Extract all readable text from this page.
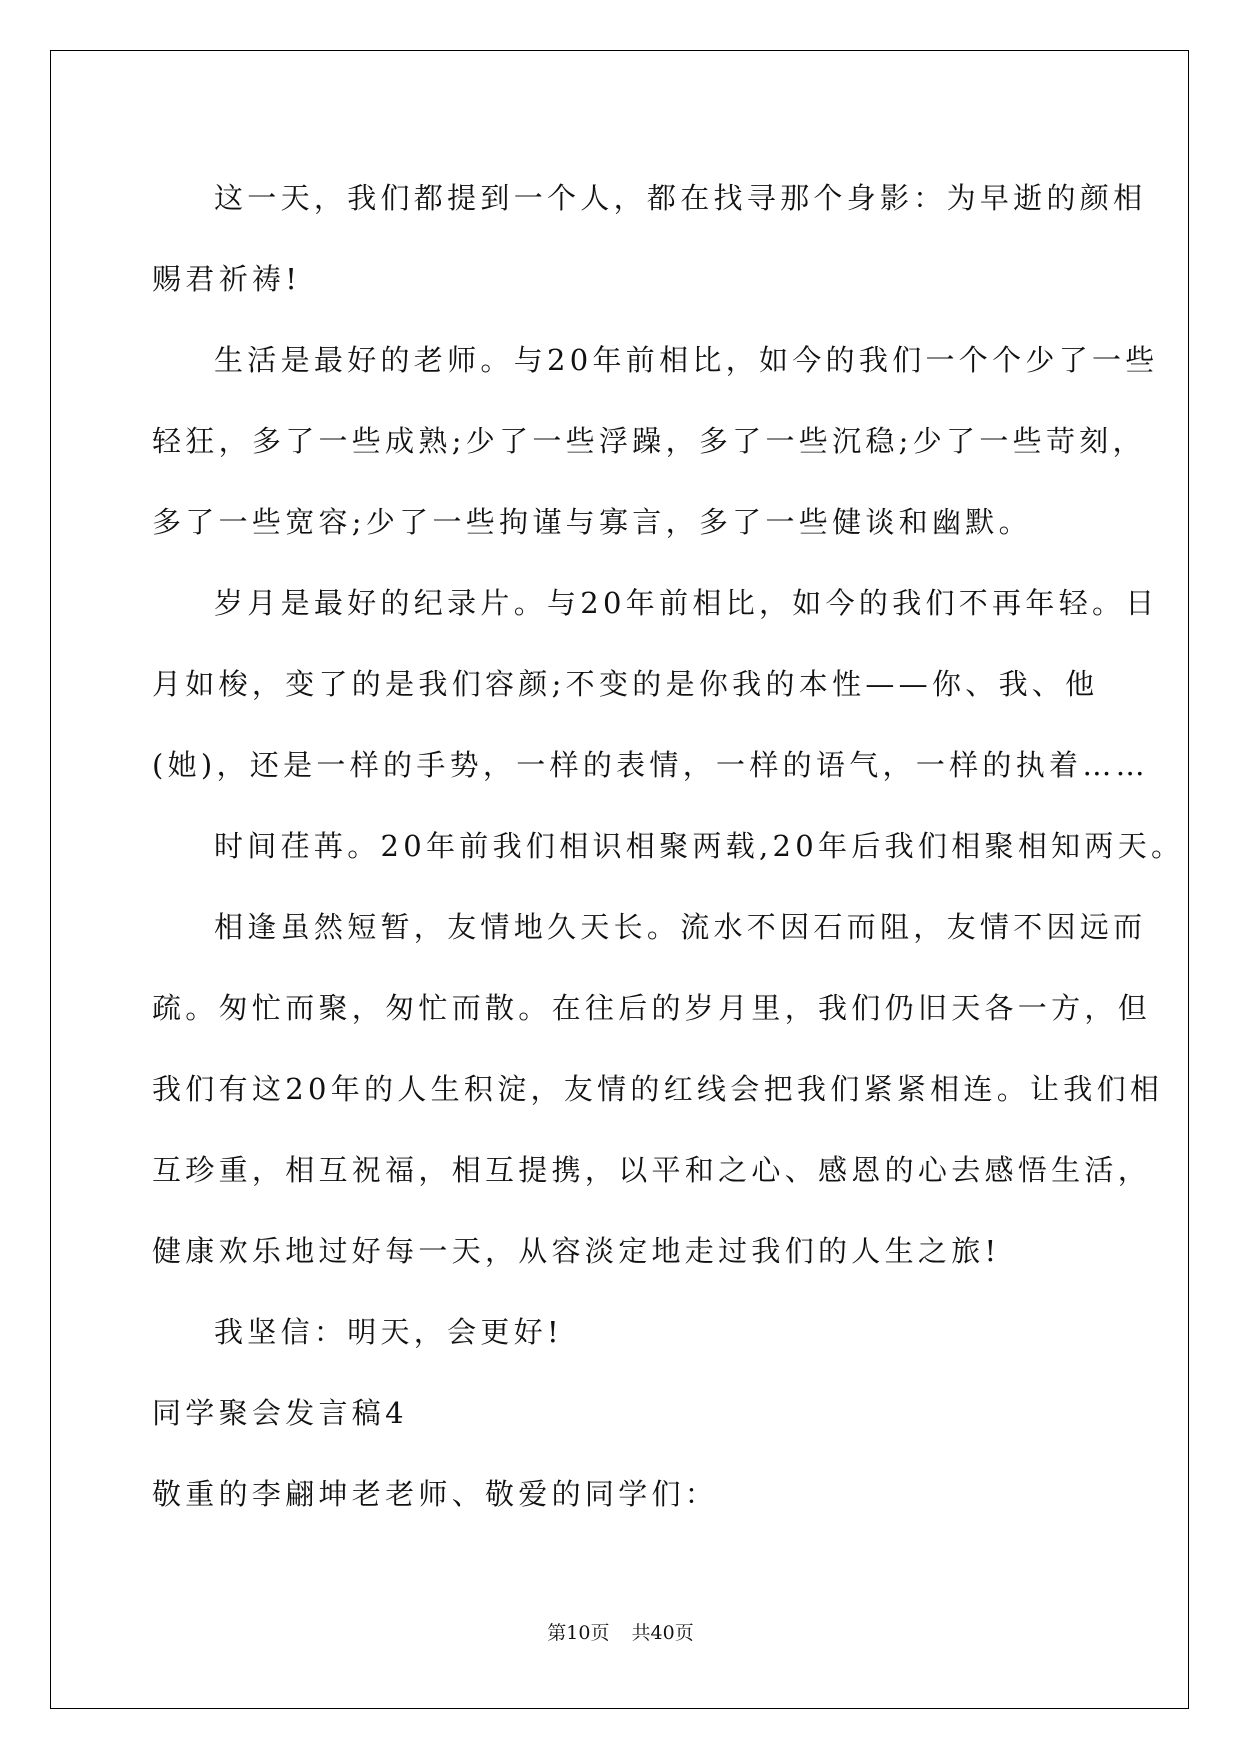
这一天，我们都提到一个人，都在找寻那个身影：为早逝的颜相
赐君祈祷!
生活是最好的老师。与20年前相比，如今的我们一个个少了一些
轻狂，多了一些成熟;少了一些浮躁，多了一些沉稳;少了一些苛刻，
多了一些宽容;少了一些拘谨与寡言，多了一些健谈和幽默。
岁月是最好的纪录片。与20年前相比，如今的我们不再年轻。日
月如梭，变了的是我们容颜;不变的是你我的本性——你、我、他
(她)，还是一样的手势，一样的表情，一样的语气，一样的执着……
时间荏苒。20年前我们相识相聚两载,20年后我们相聚相知两天。
相逢虽然短暂，友情地久天长。流水不因石而阻，友情不因远而
疏。匆忙而聚，匆忙而散。在往后的岁月里，我们仍旧天各一方，但
我们有这20年的人生积淀，友情的红线会把我们紧紧相连。让我们相
互珍重，相互祝福，相互提携，以平和之心、感恩的心去感悟生活，
健康欢乐地过好每一天，从容淡定地走过我们的人生之旅!
我坚信：明天，会更好!
同学聚会发言稿4
敬重的李翩坤老老师、敬爱的同学们：
第10页 共40页
